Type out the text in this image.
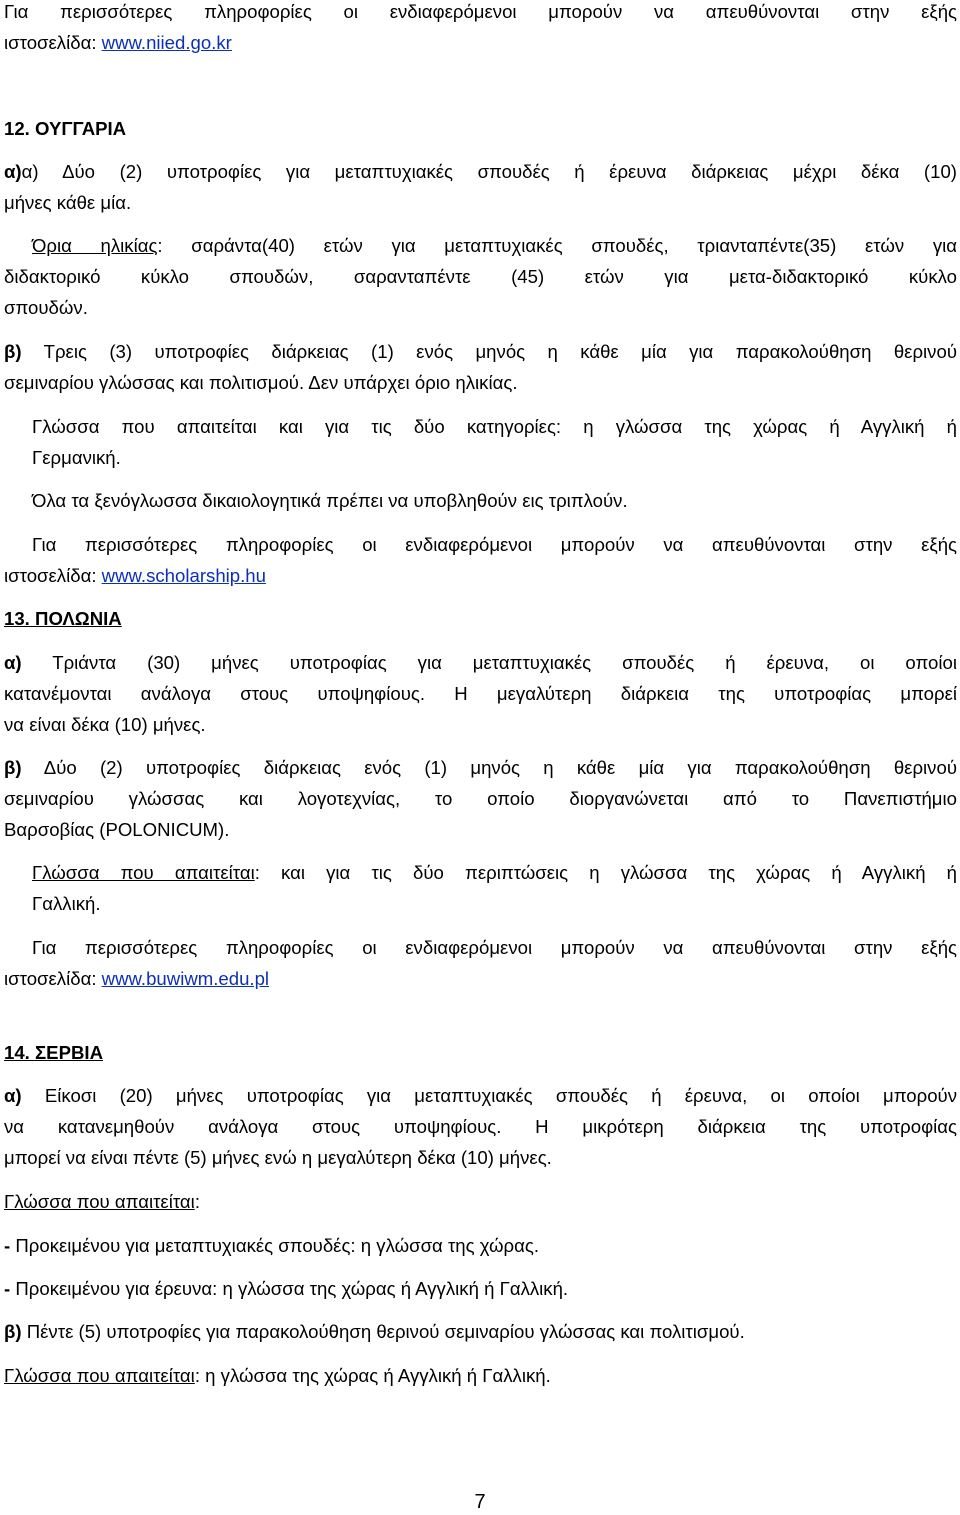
Για περισσότερες πληροφορίες οι ενδιαφερόμενοι μπορούν να απευθύνονται στην εξής

ιστοσελίδα: www.niied.go.kr

12. ΟΥΓΓΑΡΙΑ

α)α) Δύο (2) υποτροφίες για μεταπτυχιακές σπουδές ή έρευνα διάρκειας μέχρι δέκα (10)

μήνες κάθε μία.

Όρια ηλικίας: σαράντα(40) ετών για μεταπτυχιακές σπουδές, τριανταπέντε(35) ετών για

διδακτορικό κύκλο σπουδών, σαρανταπέντε (45) ετών για μετα-διδακτορικό κύκλο

σπουδών.

β) Τρεις (3) υποτροφίες διάρκειας (1) ενός μηνός η κάθε μία για παρακολούθηση θερινού

σεμιναρίου γλώσσας και πολιτισμού. Δεν υπάρχει όριο ηλικίας.

Γλώσσα που απαιτείται και για τις δύο κατηγορίες: η γλώσσα της χώρας ή Αγγλική ή

Γερμανική.

Όλα τα ξενόγλωσσα δικαιολογητικά πρέπει να υποβληθούν εις τριπλούν.

Για περισσότερες πληροφορίες οι ενδιαφερόμενοι μπορούν να απευθύνονται στην εξής

ιστοσελίδα: www.scholarship.hu

13. ΠΟΛΩΝΙΑ

α) Τριάντα (30) μήνες υποτροφίας για μεταπτυχιακές σπουδές ή έρευνα, οι οποίοι

κατανέμονται ανάλογα στους υποψηφίους. Η μεγαλύτερη διάρκεια της υποτροφίας μπορεί

να είναι δέκα (10) μήνες.

β) Δύο (2) υποτροφίες διάρκειας ενός (1) μηνός η κάθε μία για παρακολούθηση θερινού

σεμιναρίου γλώσσας και λογοτεχνίας, το οποίο διοργανώνεται από το Πανεπιστήμιο

Βαρσοβίας (POLONICUM).

Γλώσσα που απαιτείται: και για τις δύο περιπτώσεις η γλώσσα της χώρας ή Αγγλική ή

Γαλλική.

Για περισσότερες πληροφορίες οι ενδιαφερόμενοι μπορούν να απευθύνονται στην εξής

ιστοσελίδα: www.buwiwm.edu.pl

14. ΣΕΡΒΙΑ

α) Είκοσι (20) μήνες υποτροφίας για μεταπτυχιακές σπουδές ή έρευνα, οι οποίοι μπορούν

να κατανεμηθούν ανάλογα στους υποψηφίους. Η μικρότερη διάρκεια της υποτροφίας

μπορεί να είναι πέντε (5) μήνες ενώ η μεγαλύτερη δέκα (10) μήνες.

Γλώσσα που απαιτείται:

- Προκειμένου για μεταπτυχιακές σπουδές: η γλώσσα της χώρας.

- Προκειμένου για έρευνα: η γλώσσα της χώρας ή Αγγλική ή Γαλλική.

β) Πέντε (5) υποτροφίες για παρακολούθηση θερινού σεμιναρίου γλώσσας και πολιτισμού.

Γλώσσα που απαιτείται: η γλώσσα της χώρας ή Αγγλική ή Γαλλική.

7
